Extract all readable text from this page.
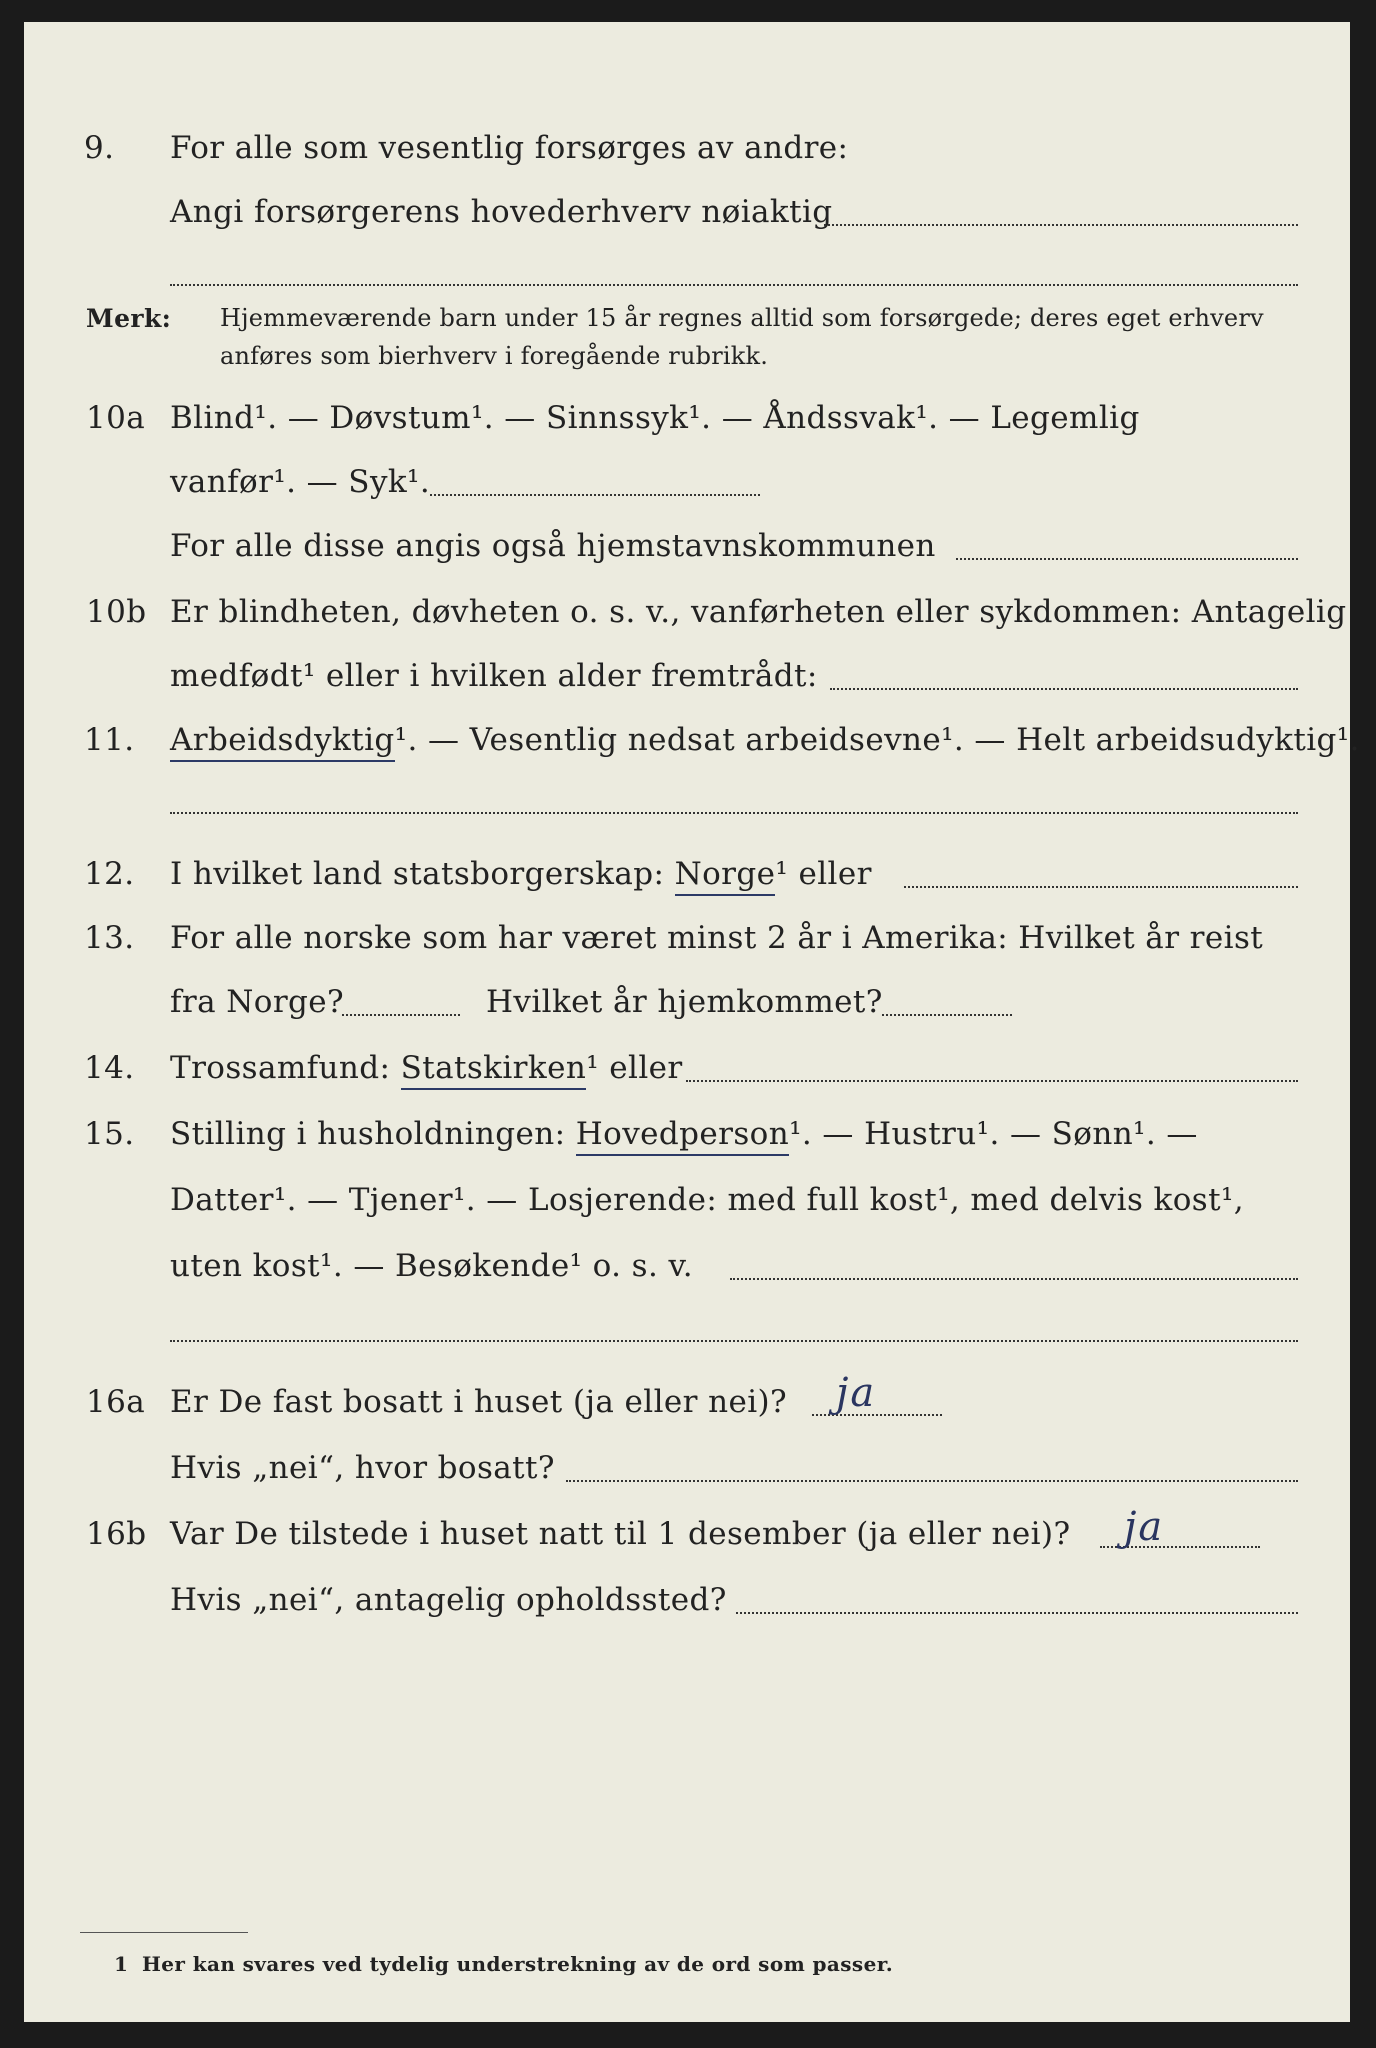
9. For alle som vesentlig forsørges av andre:
Angi forsørgerens hovederhverv nøiaktig
Merk: Hjemmeværende barn under 15 år regnes alltid som forsørgede; deres eget erhverv
anføres som bierhverv i foregående rubrikk.
10a Blind¹. — Døvstum¹. — Sinnssyk¹. — Åndssvak¹. — Legemlig
vanfør¹. — Syk¹.
For alle disse angis også hjemstavnskommunen
10b Er blindheten, døvheten o. s. v., vanførheten eller sykdommen: Antagelig
medfødt¹ eller i hvilken alder fremtrådt:
11. Arbeidsdyktig¹. — Vesentlig nedsat arbeidsevne¹. — Helt arbeidsudyktig¹.
12. I hvilket land statsborgerskap: Norge¹ eller
13. For alle norske som har været minst 2 år i Amerika: Hvilket år reist
fra Norge?	Hvilket år hjemkommet?
14. Trossamfund: Statskirken¹ eller
15. Stilling i husholdningen: Hovedperson¹. — Hustru¹. — Sønn¹. —
Datter¹. — Tjener¹. — Losjerende: med full kost¹, med delvis kost¹,
uten kost¹. — Besøkende¹ o. s. v.
16a Er De fast bosatt i huset (ja eller nei)? ja
Hvis „nei“, hvor bosatt?
16b Var De tilstede i huset natt til 1 desember (ja eller nei)? ja
Hvis „nei“, antagelig opholdssted?
1 Her kan svares ved tydelig understrekning av de ord som passer.
